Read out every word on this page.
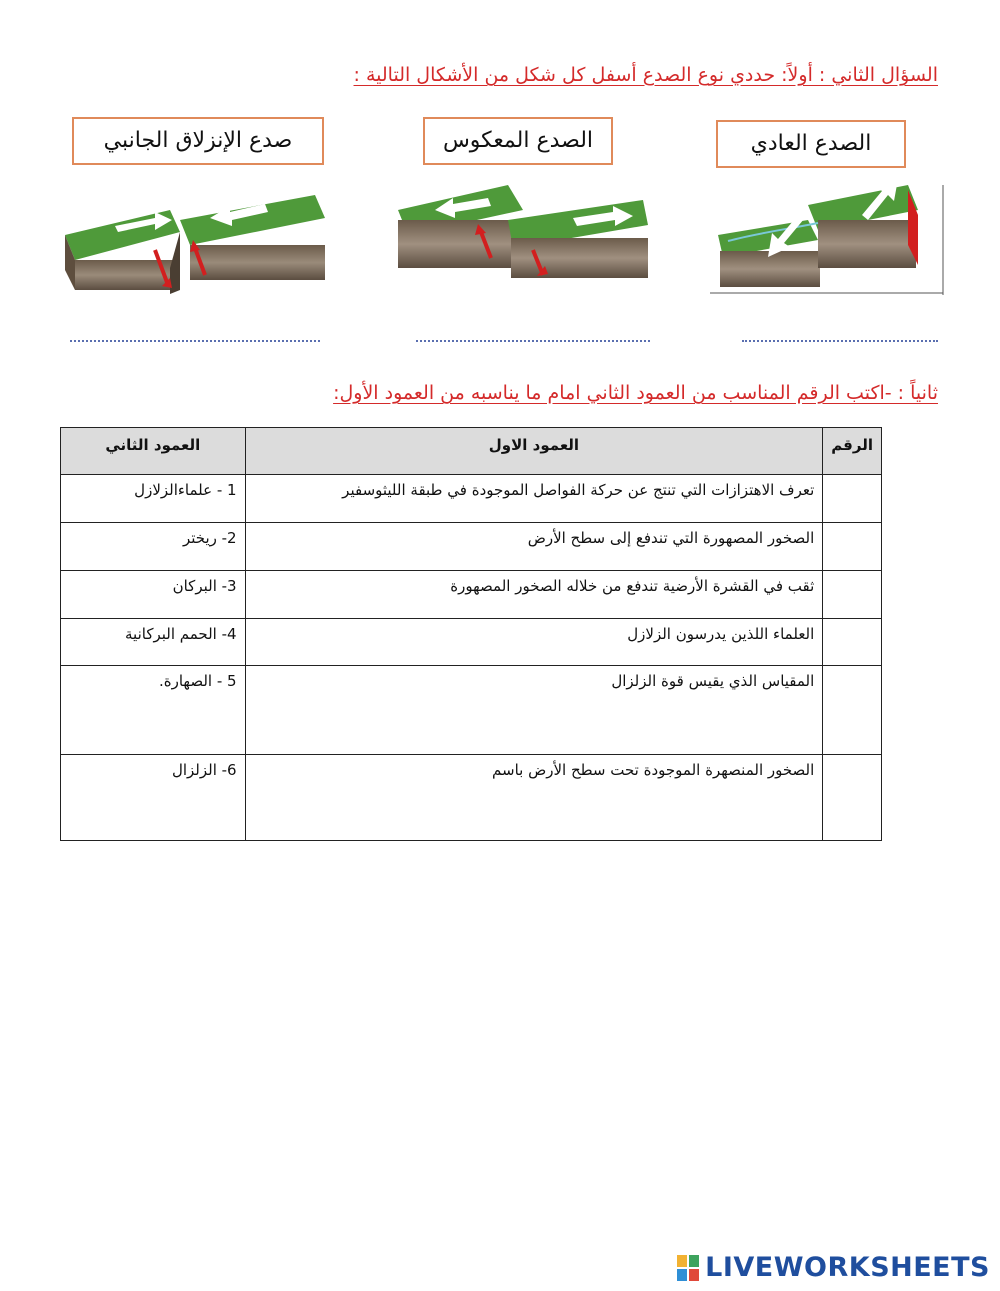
السؤال الثاني : أولاً: حددي نوع الصدع أسفل كل شكل من الأشكال التالية :
صدع الإنزلاق الجانبي	الصدع المعكوس	الصدع العادي
ثانياً : -اكتب الرقم المناسب من العمود الثاني امام ما يناسبه من العمود الأول:
الرقم	العمود الاول	العمود الثاني
	تعرف الاهتزازات التي تنتج عن حركة الفواصل الموجودة في طبقة الليثوسفير	1 - علماءالزلازل
	الصخور المصهورة التي تندفع إلى سطح الأرض	2- ريختر
	ثقب في القشرة الأرضية تندفع من خلاله الصخور المصهورة	3- البركان
	العلماء اللذين يدرسون الزلازل	4- الحمم البركانية
	المقياس الذي يقيس قوة الزلزال	5 - الصهارة.
	الصخور المنصهرة الموجودة تحت سطح الأرض باسم	6- الزلزال
LIVEWORKSHEETS
